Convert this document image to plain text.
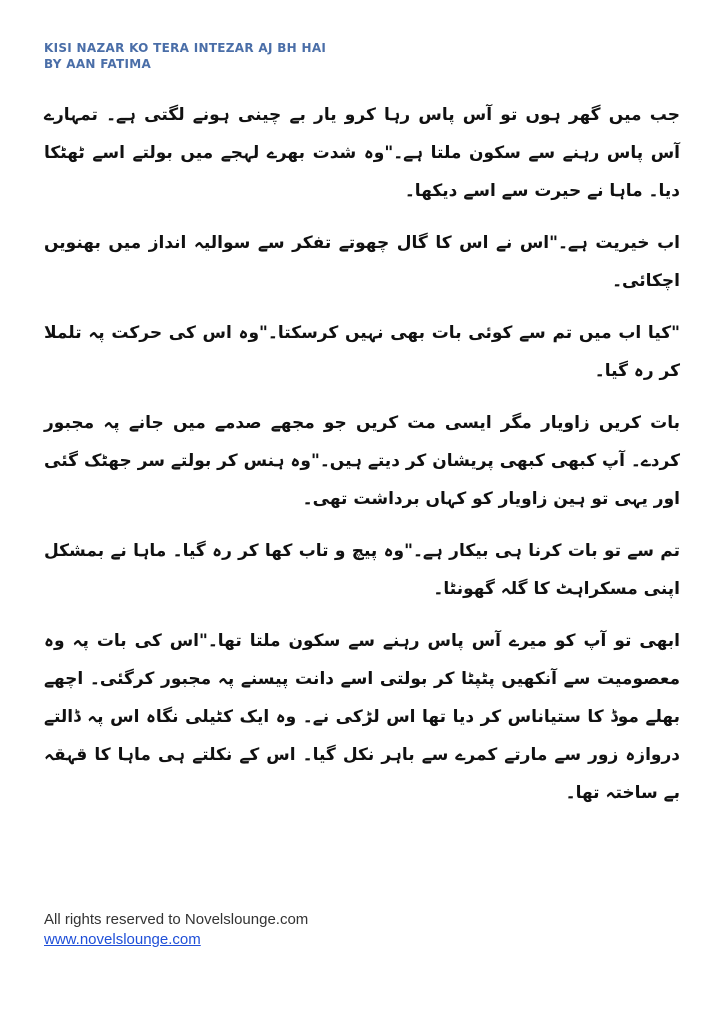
KISI NAZAR KO TERA INTEZAR AJ BH HAI
BY AAN FATIMA

جب میں گھر ہوں تو آس پاس رہا کرو یار بے چینی ہونے لگتی ہے۔ تمہارے آس پاس رہنے سے سکون ملتا ہے۔"وہ شدت بھرے لہجے میں بولتے اسے ٹھٹکا دیا۔ ماہا نے حیرت سے اسے دیکھا۔

اب خیریت ہے۔"اس نے اس کا گال چھوتے تفکر سے سوالیہ انداز میں بھنویں اچکائی۔

"کیا اب میں تم سے کوئی بات بھی نہیں کرسکتا۔"وہ اس کی حرکت پہ تلملا کر رہ گیا۔

بات کریں زاویار مگر ایسی مت کریں جو مجھے صدمے میں جانے پہ مجبور کردے۔ آپ کبھی کبھی پریشان کر دیتے ہیں۔"وہ ہنس کر بولتے سر جھٹک گئی اور یہی تو ہین زاویار کو کہاں برداشت تھی۔

تم سے تو بات کرنا ہی بیکار ہے۔"وہ پیچ و تاب کھا کر رہ گیا۔ ماہا نے بمشکل اپنی مسکراہٹ کا گلہ گھونٹا۔

ابھی تو آپ کو میرے آس پاس رہنے سے سکون ملتا تھا۔"اس کی بات پہ وہ معصومیت سے آنکھیں پٹپٹا کر بولتی اسے دانت پیسنے پہ مجبور کرگئی۔ اچھے بھلے موڈ کا ستیاناس کر دیا تھا اس لڑکی نے۔ وہ ایک کٹیلی نگاہ اس پہ ڈالتے دروازہ زور سے مارتے کمرے سے باہر نکل گیا۔ اس کے نکلتے ہی ماہا کا قہقہ بے ساختہ تھا۔

All rights reserved to Novelslounge.com
www.novelslounge.com
